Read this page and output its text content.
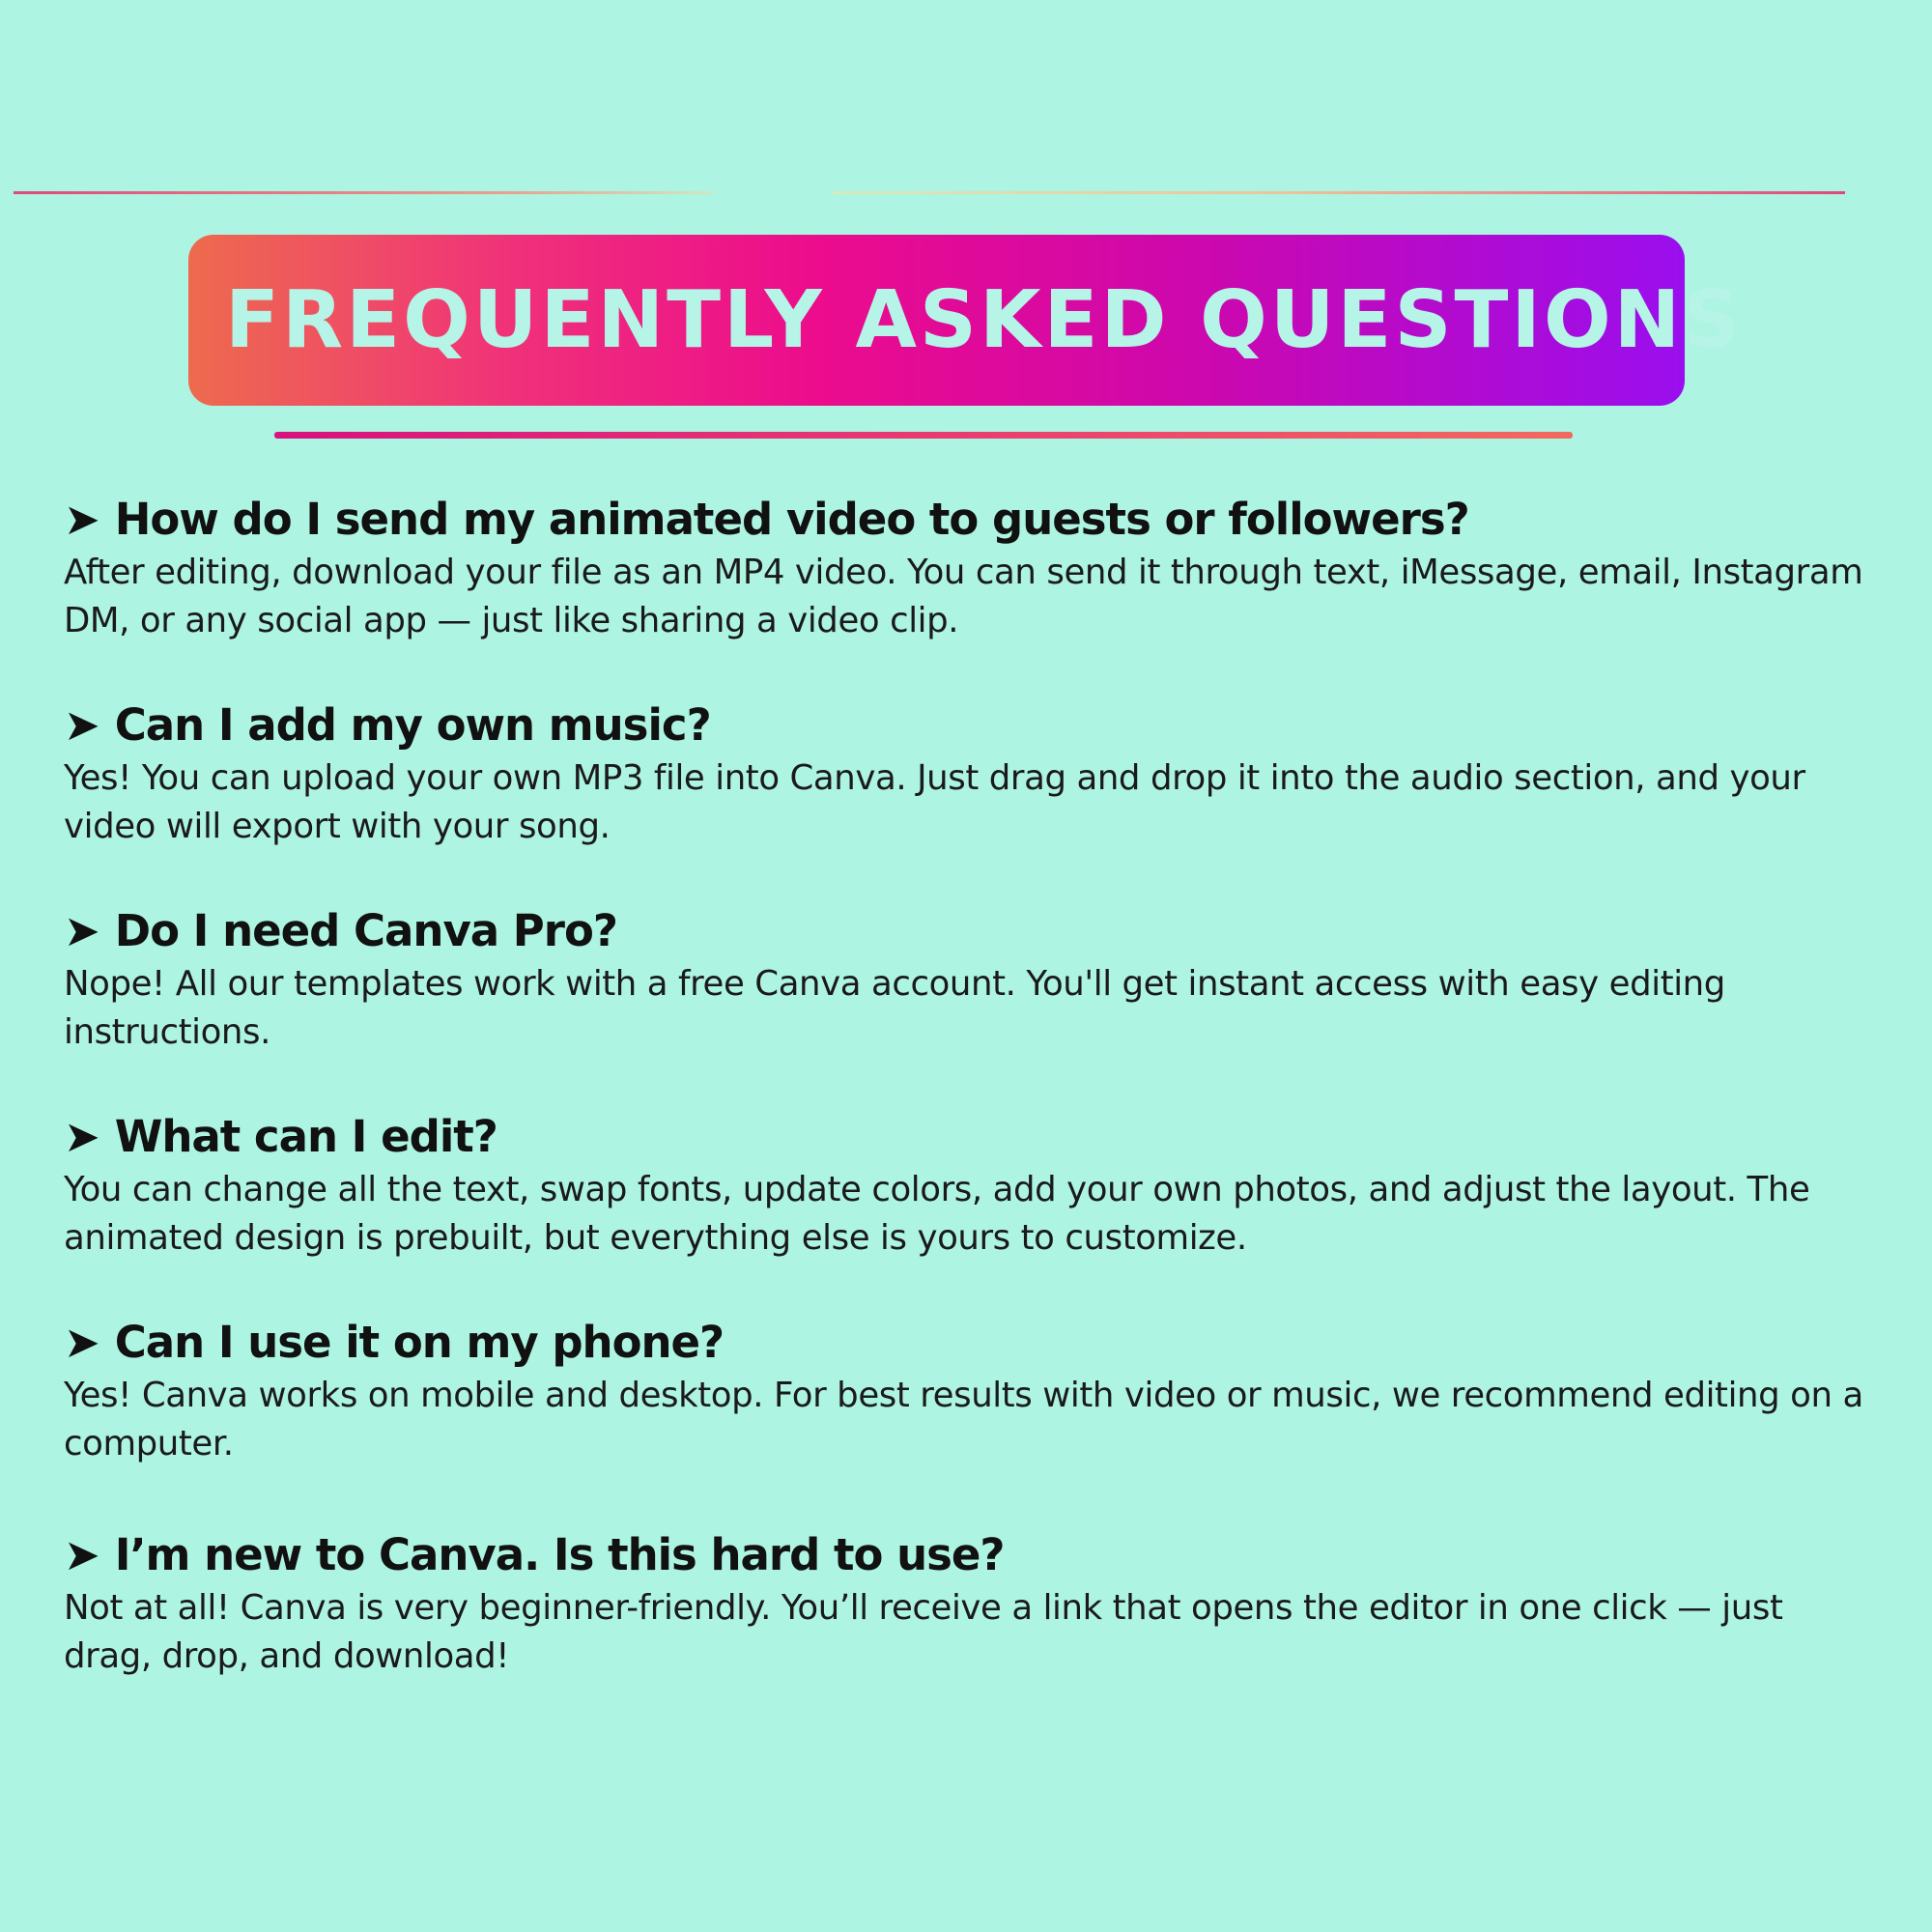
FREQUENTLY ASKED QUESTIONS
➤ How do I send my animated video to guests or followers?
After editing, download your file as an MP4 video. You can send it through text, iMessage, email, Instagram DM, or any social app — just like sharing a video clip.
➤ Can I add my own music?
Yes! You can upload your own MP3 file into Canva. Just drag and drop it into the audio section, and your video will export with your song.
➤ Do I need Canva Pro?
Nope! All our templates work with a free Canva account. You'll get instant access with easy editing instructions.
➤ What can I edit?
You can change all the text, swap fonts, update colors, add your own photos, and adjust the layout. The animated design is prebuilt, but everything else is yours to customize.
➤ Can I use it on my phone?
Yes! Canva works on mobile and desktop. For best results with video or music, we recommend editing on a computer.
➤ I’m new to Canva. Is this hard to use?
Not at all! Canva is very beginner-friendly. You’ll receive a link that opens the editor in one click — just drag, drop, and download!
